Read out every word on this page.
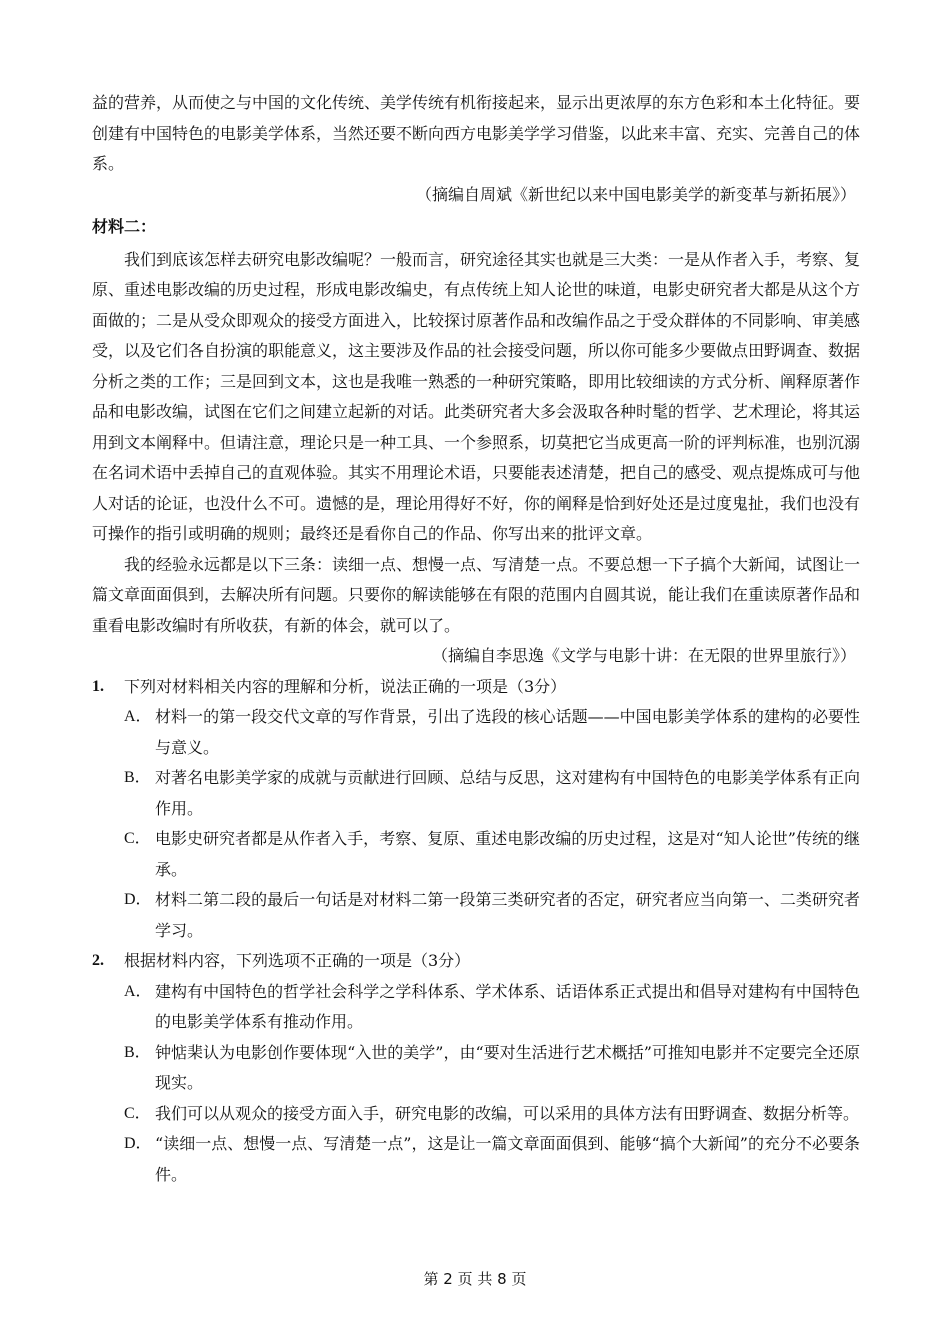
益的营养，从而使之与中国的文化传统、美学传统有机衔接起来，显示出更浓厚的东方色彩和本土化特征。要创建有中国特色的电影美学体系，当然还要不断向西方电影美学学习借鉴，以此来丰富、充实、完善自己的体系。

（摘编自周斌《新世纪以来中国电影美学的新变革与新拓展》）

材料二：

我们到底该怎样去研究电影改编呢？一般而言，研究途径其实也就是三大类：一是从作者入手，考察、复原、重述电影改编的历史过程，形成电影改编史，有点传统上知人论世的味道，电影史研究者大都是从这个方面做的；二是从受众即观众的接受方面进入，比较探讨原著作品和改编作品之于受众群体的不同影响、审美感受，以及它们各自扮演的职能意义，这主要涉及作品的社会接受问题，所以你可能多少要做点田野调查、数据分析之类的工作；三是回到文本，这也是我唯一熟悉的一种研究策略，即用比较细读的方式分析、阐释原著作品和电影改编，试图在它们之间建立起新的对话。此类研究者大多会汲取各种时髦的哲学、艺术理论，将其运用到文本阐释中。但请注意，理论只是一种工具、一个参照系，切莫把它当成更高一阶的评判标准，也别沉溺在名词术语中丢掉自己的直观体验。其实不用理论术语，只要能表述清楚，把自己的感受、观点提炼成可与他人对话的论证，也没什么不可。遗憾的是，理论用得好不好，你的阐释是恰到好处还是过度鬼扯，我们也没有可操作的指引或明确的规则；最终还是看你自己的作品、你写出来的批评文章。

我的经验永远都是以下三条：读细一点、想慢一点、写清楚一点。不要总想一下子搞个大新闻，试图让一篇文章面面俱到，去解决所有问题。只要你的解读能够在有限的范围内自圆其说，能让我们在重读原著作品和重看电影改编时有所收获，有新的体会，就可以了。

（摘编自李思逸《文学与电影十讲：在无限的世界里旅行》）

1. 下列对材料相关内容的理解和分析，说法正确的一项是（3分）

A． 材料一的第一段交代文章的写作背景，引出了选段的核心话题——中国电影美学体系的建构的必要性与意义。

B． 对著名电影美学家的成就与贡献进行回顾、总结与反思，这对建构有中国特色的电影美学体系有正向作用。

C． 电影史研究者都是从作者入手，考察、复原、重述电影改编的历史过程，这是对“知人论世”传统的继承。

D． 材料二第二段的最后一句话是对材料二第一段第三类研究者的否定，研究者应当向第一、二类研究者学习。

2. 根据材料内容，下列选项不正确的一项是（3分）

A． 建构有中国特色的哲学社会科学之学科体系、学术体系、话语体系正式提出和倡导对建构有中国特色的电影美学体系有推动作用。

B． 钟惦棐认为电影创作要体现“入世的美学”，由“要对生活进行艺术概括”可推知电影并不定要完全还原现实。

C． 我们可以从观众的接受方面入手，研究电影的改编，可以采用的具体方法有田野调查、数据分析等。

D． “读细一点、想慢一点、写清楚一点”，这是让一篇文章面面俱到、能够“搞个大新闻”的充分不必要条件。

第 2 页 共 8 页
